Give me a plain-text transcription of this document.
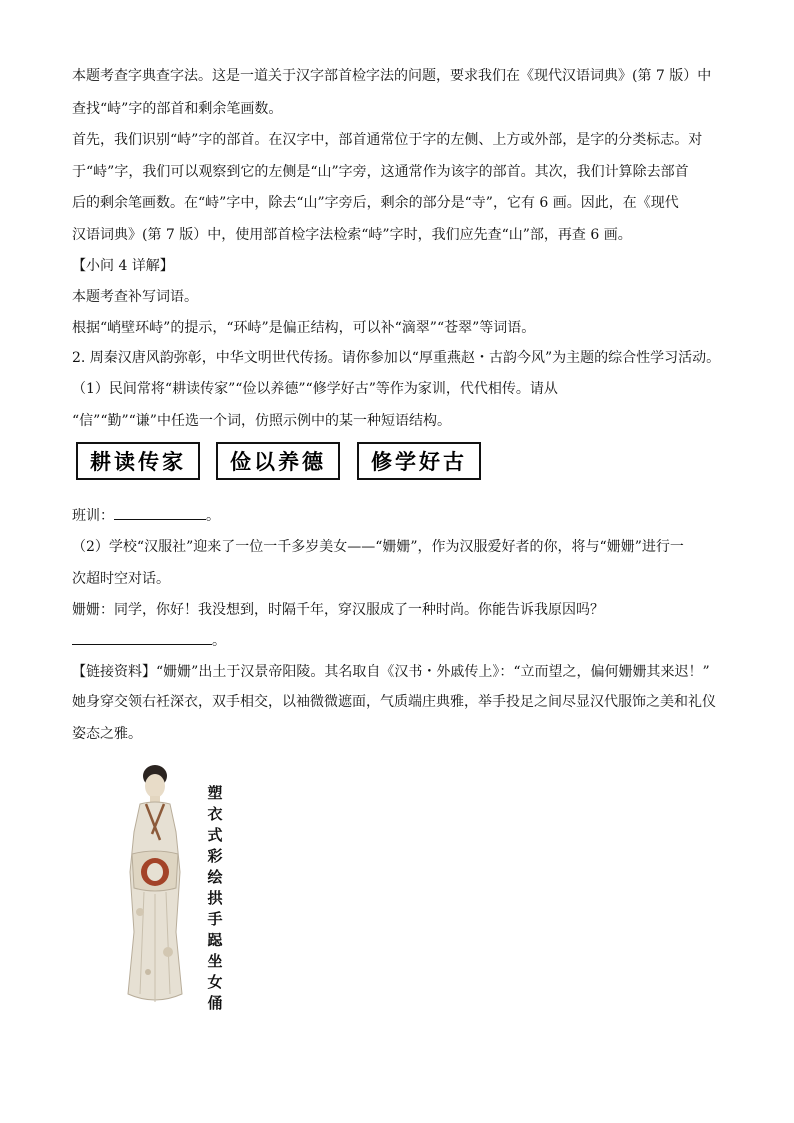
本题考查字典查字法。这是一道关于汉字部首检字法的问题，要求我们在《现代汉语词典》(第 7 版）中
查找“峙”字的部首和剩余笔画数。
首先，我们识别“峙”字的部首。在汉字中，部首通常位于字的左侧、上方或外部，是字的分类标志。对
于“峙”字，我们可以观察到它的左侧是“山”字旁，这通常作为该字的部首。其次，我们计算除去部首
后的剩余笔画数。在“峙”字中，除去“山”字旁后，剩余的部分是“寺”，它有 6 画。因此，在《现代
汉语词典》(第 7 版）中，使用部首检字法检索“峙”字时，我们应先查“山”部，再查 6 画。
【小问 4 详解】
本题考查补写词语。
根据“峭壁环峙”的提示，“环峙”是偏正结构，可以补“滴翠”“苍翠”等词语。
2. 周秦汉唐风韵弥彰，中华文明世代传扬。请你参加以“厚重燕赵・古韵今风”为主题的综合性学习活动。
（1）民间常将“耕读传家”“俭以养德”“修学好古”等作为家训，代代相传。请从
“信”“勤”“谦”中任选一个词，仿照示例中的某一种短语结构。
耕读传家	俭以养德	修学好古
班训：	。
（2）学校“汉服社”迎来了一位一千多岁美女——“姗姗”，作为汉服爱好者的你，将与“姗姗”进行一
次超时空对话。
姗姗：同学，你好！我没想到，时隔千年，穿汉服成了一种时尚。你能告诉我原因吗？
。
【链接资料】“姗姗”出土于汉景帝阳陵。其名取自《汉书・外戚传上》：“立而望之，偏何姗姗其来迟！”
她身穿交领右衽深衣，双手相交，以袖微微遮面，气质端庄典雅，举手投足之间尽显汉代服饰之美和礼仪
姿态之雅。
塑衣式彩绘拱手跽坐女俑
